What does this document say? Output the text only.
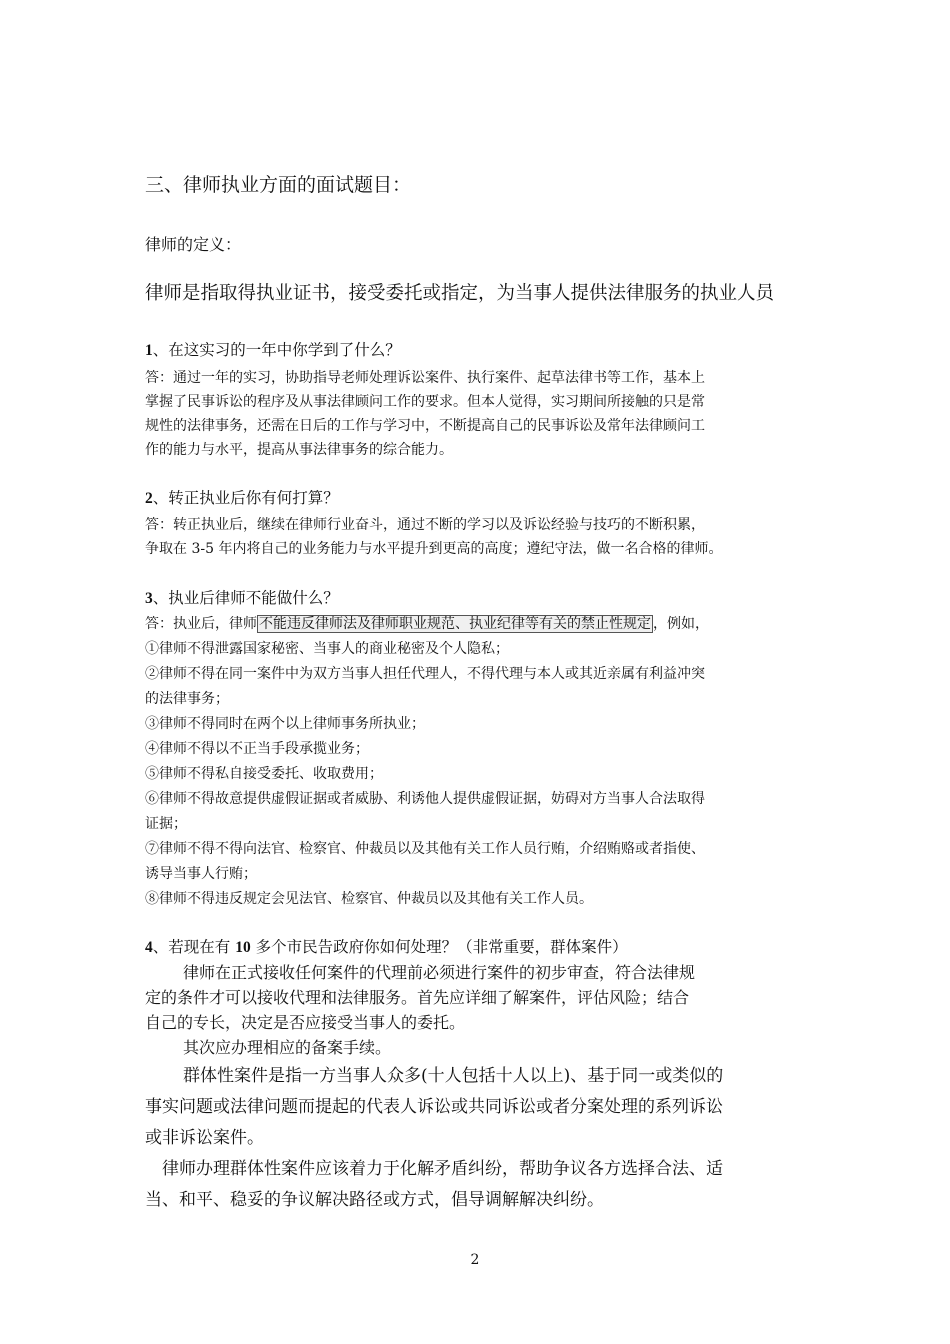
三、律师执业方面的面试题目：
律师的定义：
律师是指取得执业证书，接受委托或指定，为当事人提供法律服务的执业人员
1、在这实习的一年中你学到了什么？
答：通过一年的实习，协助指导老师处理诉讼案件、执行案件、起草法律书等工作，基本上
掌握了民事诉讼的程序及从事法律顾问工作的要求。但本人觉得，实习期间所接触的只是常
规性的法律事务，还需在日后的工作与学习中，不断提高自己的民事诉讼及常年法律顾问工
作的能力与水平，提高从事法律事务的综合能力。
2、转正执业后你有何打算？
答：转正执业后，继续在律师行业奋斗，通过不断的学习以及诉讼经验与技巧的不断积累，
争取在 3-5 年内将自己的业务能力与水平提升到更高的高度；遵纪守法，做一名合格的律师。
3、执业后律师不能做什么？
答：执业后，律师 不能违反律师法及律师职业规范、执业纪律等有关的禁止性规定 ，例如，
①律师不得泄露国家秘密、当事人的商业秘密及个人隐私；
②律师不得在同一案件中为双方当事人担任代理人，不得代理与本人或其近亲属有利益冲突
的法律事务；
③律师不得同时在两个以上律师事务所执业；
④律师不得以不正当手段承揽业务；
⑤律师不得私自接受委托、收取费用；
⑥律师不得故意提供虚假证据或者威胁、利诱他人提供虚假证据，妨碍对方当事人合法取得
证据；
⑦律师不得不得向法官、检察官、仲裁员以及其他有关工作人员行贿，介绍贿赂或者指使、
诱导当事人行贿；
⑧律师不得违反规定会见法官、检察官、仲裁员以及其他有关工作人员。
4、若现在有 10 多个市民告政府你如何处理？（非常重要，群体案件）
律师在正式接收任何案件的代理前必须进行案件的初步审查，符合法律规
定的条件才可以接收代理和法律服务。首先应详细了解案件，评估风险；结合
自己的专长，决定是否应接受当事人的委托。
其次应办理相应的备案手续。
群体性案件是指一方当事人众多(十人包括十人以上)、基于同一或类似的
事实问题或法律问题而提起的代表人诉讼或共同诉讼或者分案处理的系列诉讼
或非诉讼案件。
律师办理群体性案件应该着力于化解矛盾纠纷，帮助争议各方选择合法、适
当、和平、稳妥的争议解决路径或方式，倡导调解解决纠纷。
2
